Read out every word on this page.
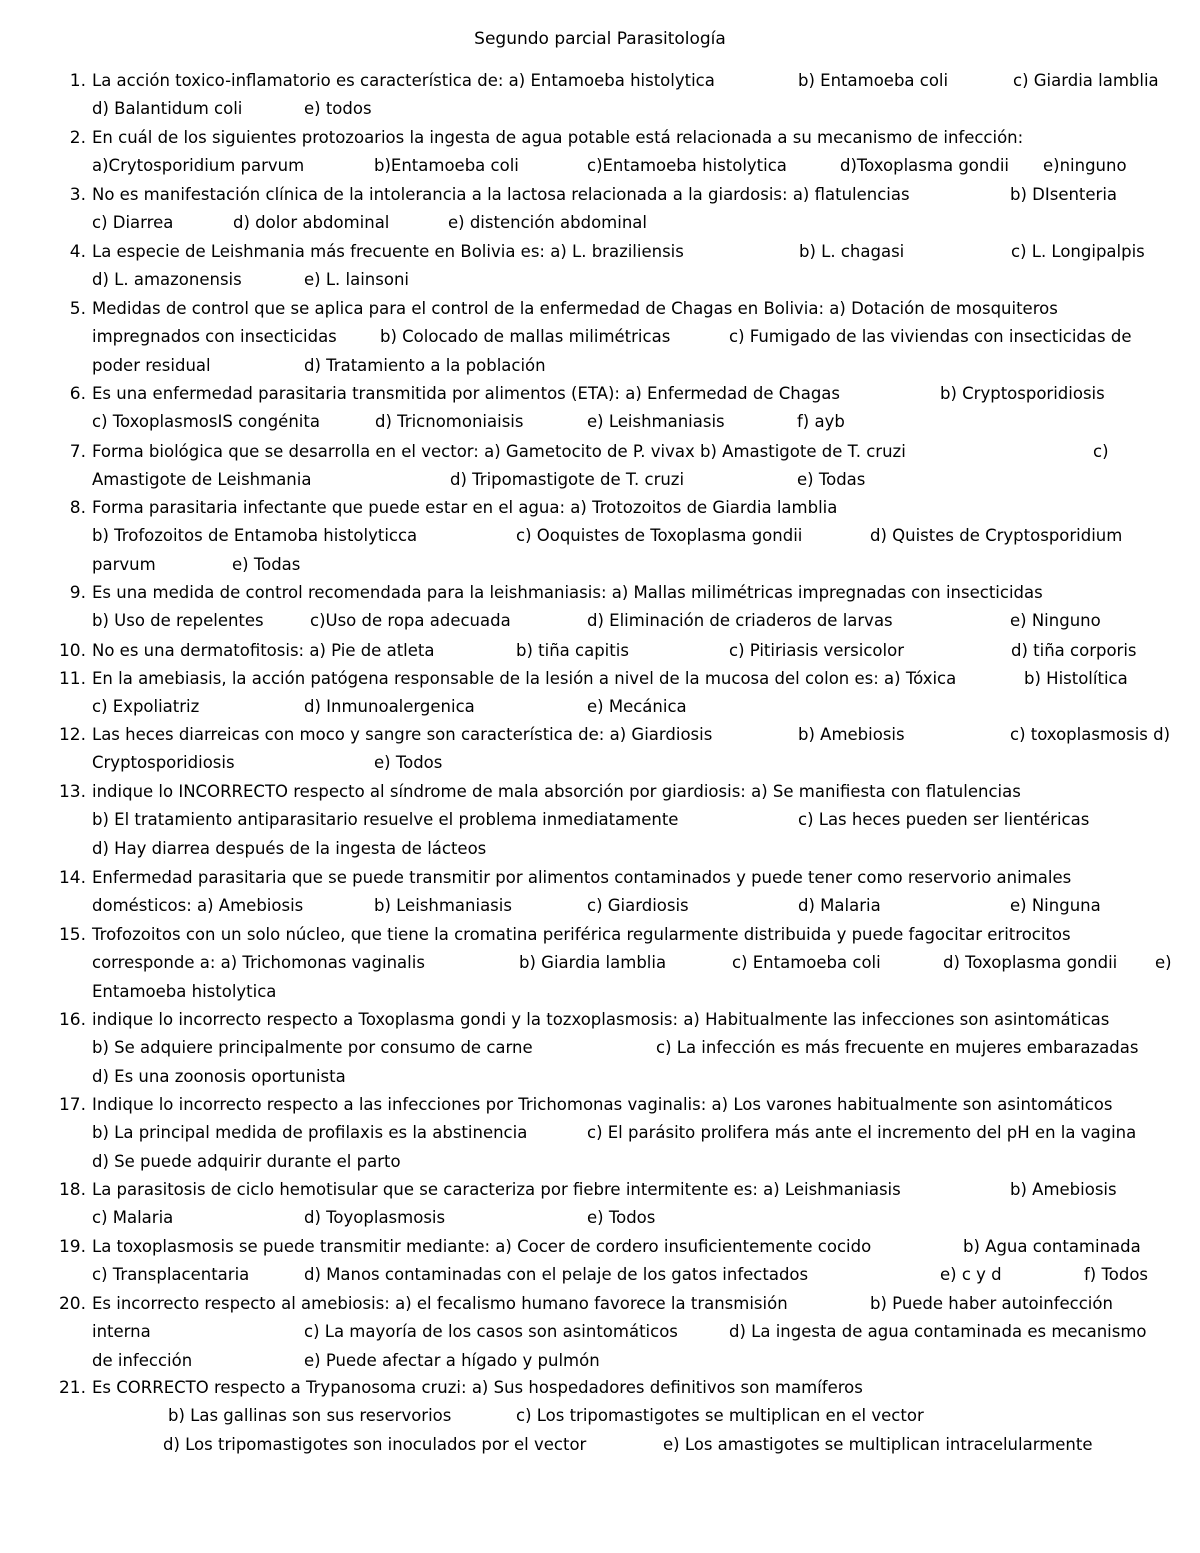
Segundo parcial Parasitología
1. La acción toxico-inflamatorio es característica de: a) Entamoeba histolytica	b) Entamoeba coli	c) Giardia lamblia
d) Balantidum coli	e) todos
2. En cuál de los siguientes protozoarios la ingesta de agua potable está relacionada a su mecanismo de infección:
a)Crytosporidium parvum	b)Entamoeba coli	c)Entamoeba histolytica	d)Toxoplasma gondii e)ninguno
3. No es manifestación clínica de la intolerancia a la lactosa relacionada a la giardosis: a) flatulencias	b) DIsenteria
c) Diarrea	d) dolor abdominal	e) distención abdominal
4. La especie de Leishmania más frecuente en Bolivia es: a) L. braziliensis	b) L. chagasi	c) L. Longipalpis
d) L. amazonensis	e) L. lainsoni
5. Medidas de control que se aplica para el control de la enfermedad de Chagas en Bolivia: a) Dotación de mosquiteros
impregnados con insecticidas	b) Colocado de mallas milimétricas	c) Fumigado de las viviendas con insecticidas de
poder residual	d) Tratamiento a la población
6. Es una enfermedad parasitaria transmitida por alimentos (ETA): a) Enfermedad de Chagas	b) Cryptosporidiosis
c) ToxoplasmosIS congénita	d) Tricnomoniaisis	e) Leishmaniasis	f) ayb
7. Forma biológica que se desarrolla en el vector: a) Gametocito de P. vivax b) Amastigote de T. cruzi	c)
Amastigote de Leishmania	d) Tripomastigote de T. cruzi	e) Todas
8. Forma parasitaria infectante que puede estar en el agua: a) Trotozoitos de Giardia lamblia
b) Trofozoitos de Entamoba histolyticca	c) Ooquistes de Toxoplasma gondii	d) Quistes de Cryptosporidium
parvum	e) Todas
9. Es una medida de control recomendada para la leishmaniasis: a) Mallas milimétricas impregnadas con insecticidas
b) Uso de repelentes	c)Uso de ropa adecuada	d) Eliminación de criaderos de larvas	e) Ninguno
10. No es una dermatofitosis: a) Pie de atleta	b) tiña capitis	c) Pitiriasis versicolor	d) tiña corporis
11. En la amebiasis, la acción patógena responsable de la lesión a nivel de la mucosa del colon es: a) Tóxica	b) Histolítica
c) Expoliatriz	d) Inmunoalergenica	e) Mecánica
12. Las heces diarreicas con moco y sangre son característica de: a) Giardiosis	b) Amebiosis	c) toxoplasmosis d)
Cryptosporidiosis	e) Todos
13. indique lo INCORRECTO respecto al síndrome de mala absorción por giardiosis: a) Se manifiesta con flatulencias
b) El tratamiento antiparasitario resuelve el problema inmediatamente	c) Las heces pueden ser lientéricas
d) Hay diarrea después de la ingesta de lácteos
14. Enfermedad parasitaria que se puede transmitir por alimentos contaminados y puede tener como reservorio animales
domésticos: a) Amebiosis	b) Leishmaniasis	c) Giardiosis	d) Malaria	e) Ninguna
15. Trofozoitos con un solo núcleo, que tiene la cromatina periférica regularmente distribuida y puede fagocitar eritrocitos
corresponde a: a) Trichomonas vaginalis	b) Giardia lamblia	c) Entamoeba coli	d) Toxoplasma gondii e)
Entamoeba histolytica
16. indique lo incorrecto respecto a Toxoplasma gondi y la tozxoplasmosis: a) Habitualmente las infecciones son asintomáticas
b) Se adquiere principalmente por consumo de carne	c) La infección es más frecuente en mujeres embarazadas
d) Es una zoonosis oportunista
17. Indique lo incorrecto respecto a las infecciones por Trichomonas vaginalis: a) Los varones habitualmente son asintomáticos
b) La principal medida de profilaxis es la abstinencia	c) El parásito prolifera más ante el incremento del pH en la vagina
d) Se puede adquirir durante el parto
18. La parasitosis de ciclo hemotisular que se caracteriza por fiebre intermitente es: a) Leishmaniasis	b) Amebiosis
c) Malaria	d) Toyoplasmosis	e) Todos
19. La toxoplasmosis se puede transmitir mediante: a) Cocer de cordero insuficientemente cocido	b) Agua contaminada
c) Transplacentaria	d) Manos contaminadas con el pelaje de los gatos infectados	e) c y d	f) Todos
20. Es incorrecto respecto al amebiosis: a) el fecalismo humano favorece la transmisión	b) Puede haber autoinfección
interna	c) La mayoría de los casos son asintomáticos	d) La ingesta de agua contaminada es mecanismo
de infección	e) Puede afectar a hígado y pulmón
21. Es CORRECTO respecto a Trypanosoma cruzi: a) Sus hospedadores definitivos son mamíferos
b) Las gallinas son sus reservorios	c) Los tripomastigotes se multiplican en el vector
d) Los tripomastigotes son inoculados por el vector	e) Los amastigotes se multiplican intracelularmente
